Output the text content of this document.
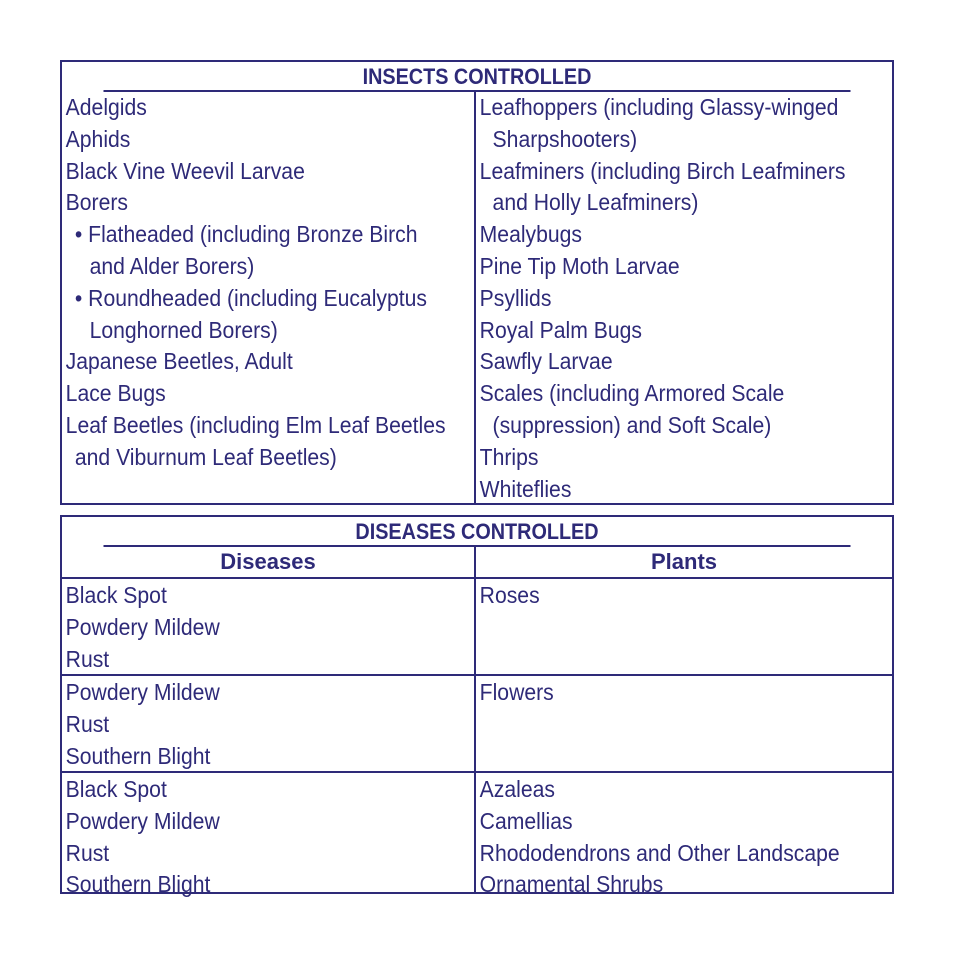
INSECTS CONTROLLED
Adelgids
Aphids
Black Vine Weevil Larvae
Borers
• Flatheaded (including Bronze Birch
and Alder Borers)
• Roundheaded (including Eucalyptus
Longhorned Borers)
Japanese Beetles, Adult
Lace Bugs
Leaf Beetles (including Elm Leaf Beetles
and Viburnum Leaf Beetles)
Leafhoppers (including Glassy-winged
Sharpshooters)
Leafminers (including Birch Leafminers
and Holly Leafminers)
Mealybugs
Pine Tip Moth Larvae
Psyllids
Royal Palm Bugs
Sawfly Larvae
Scales (including Armored Scale
(suppression) and Soft Scale)
Thrips
Whiteflies
DISEASES CONTROLLED
Diseases	Plants
Black Spot
Powdery Mildew
Rust
Roses
Powdery Mildew
Rust
Southern Blight
Flowers
Black Spot
Powdery Mildew
Rust
Southern Blight
Azaleas
Camellias
Rhododendrons and Other Landscape
Ornamental Shrubs
